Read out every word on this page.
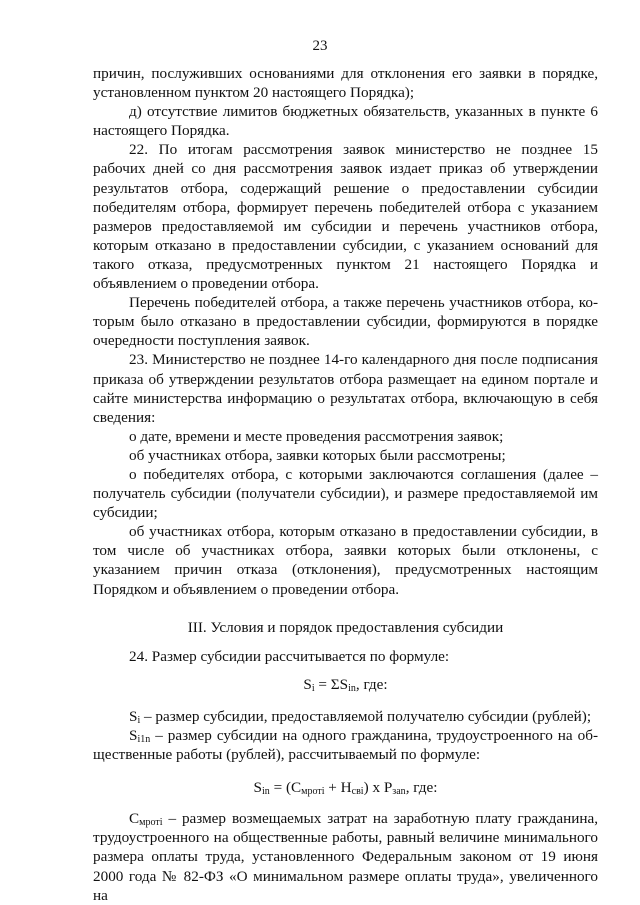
23

причин, послуживших основаниями для отклонения его заявки в порядке, установленном пунктом 20 настоящего Порядка);

д) отсутствие лимитов бюджетных обязательств, указанных в пункте 6 настоящего Порядка.

22. По итогам рассмотрения заявок министерство не позднее 15 рабочих дней со дня рассмотрения заявок издает приказ об утверждении результатов отбора, содержащий решение о предоставлении субсидии победителям отбора, формирует перечень победителей отбора с указанием размеров предоставляемой им субсидии и перечень участников отбора, которым отказано в предоставлении субсидии, с указанием оснований для такого отказа, предусмотренных пунктом 21 настоящего Порядка и объявлением о проведении отбора.

Перечень победителей отбора, а также перечень участников отбора, которым было отказано в предоставлении субсидии, формируются в порядке очередности поступления заявок.

23. Министерство не позднее 14-го календарного дня после подписания приказа об утверждении результатов отбора размещает на едином портале и сайте министерства информацию о результатах отбора, включающую в себя сведения:

о дате, времени и месте проведения рассмотрения заявок;

об участниках отбора, заявки которых были рассмотрены;

о победителях отбора, с которыми заключаются соглашения (далее – получатель субсидии (получатели субсидии), и размере предоставляемой им субсидии;

об участниках отбора, которым отказано в предоставлении субсидии, в том числе об участниках отбора, заявки которых были отклонены, с указанием причин отказа (отклонения), предусмотренных настоящим Порядком и объявлением о проведении отбора.

III. Условия и порядок предоставления субсидии

24. Размер субсидии рассчитывается по формуле:

$S_i = \Sigma S_{in}$, где:

$S_i$ – размер субсидии, предоставляемой получателю субсидии (рублей);

$S_{i1n}$ – размер субсидии на одного гражданина, трудоустроенного на общественные работы (рублей), рассчитываемый по формуле:

$S_{in} = (C_{мротi} + H_{свi})$ x $P_{заn}$, где:

$C_{мротi}$ – размер возмещаемых затрат на заработную плату гражданина, трудоустроенного на общественные работы, равный величине минимального размера оплаты труда, установленного Федеральным законом от 19 июня 2000 года № 82-ФЗ «О минимальном размере оплаты труда», увеличенного на
